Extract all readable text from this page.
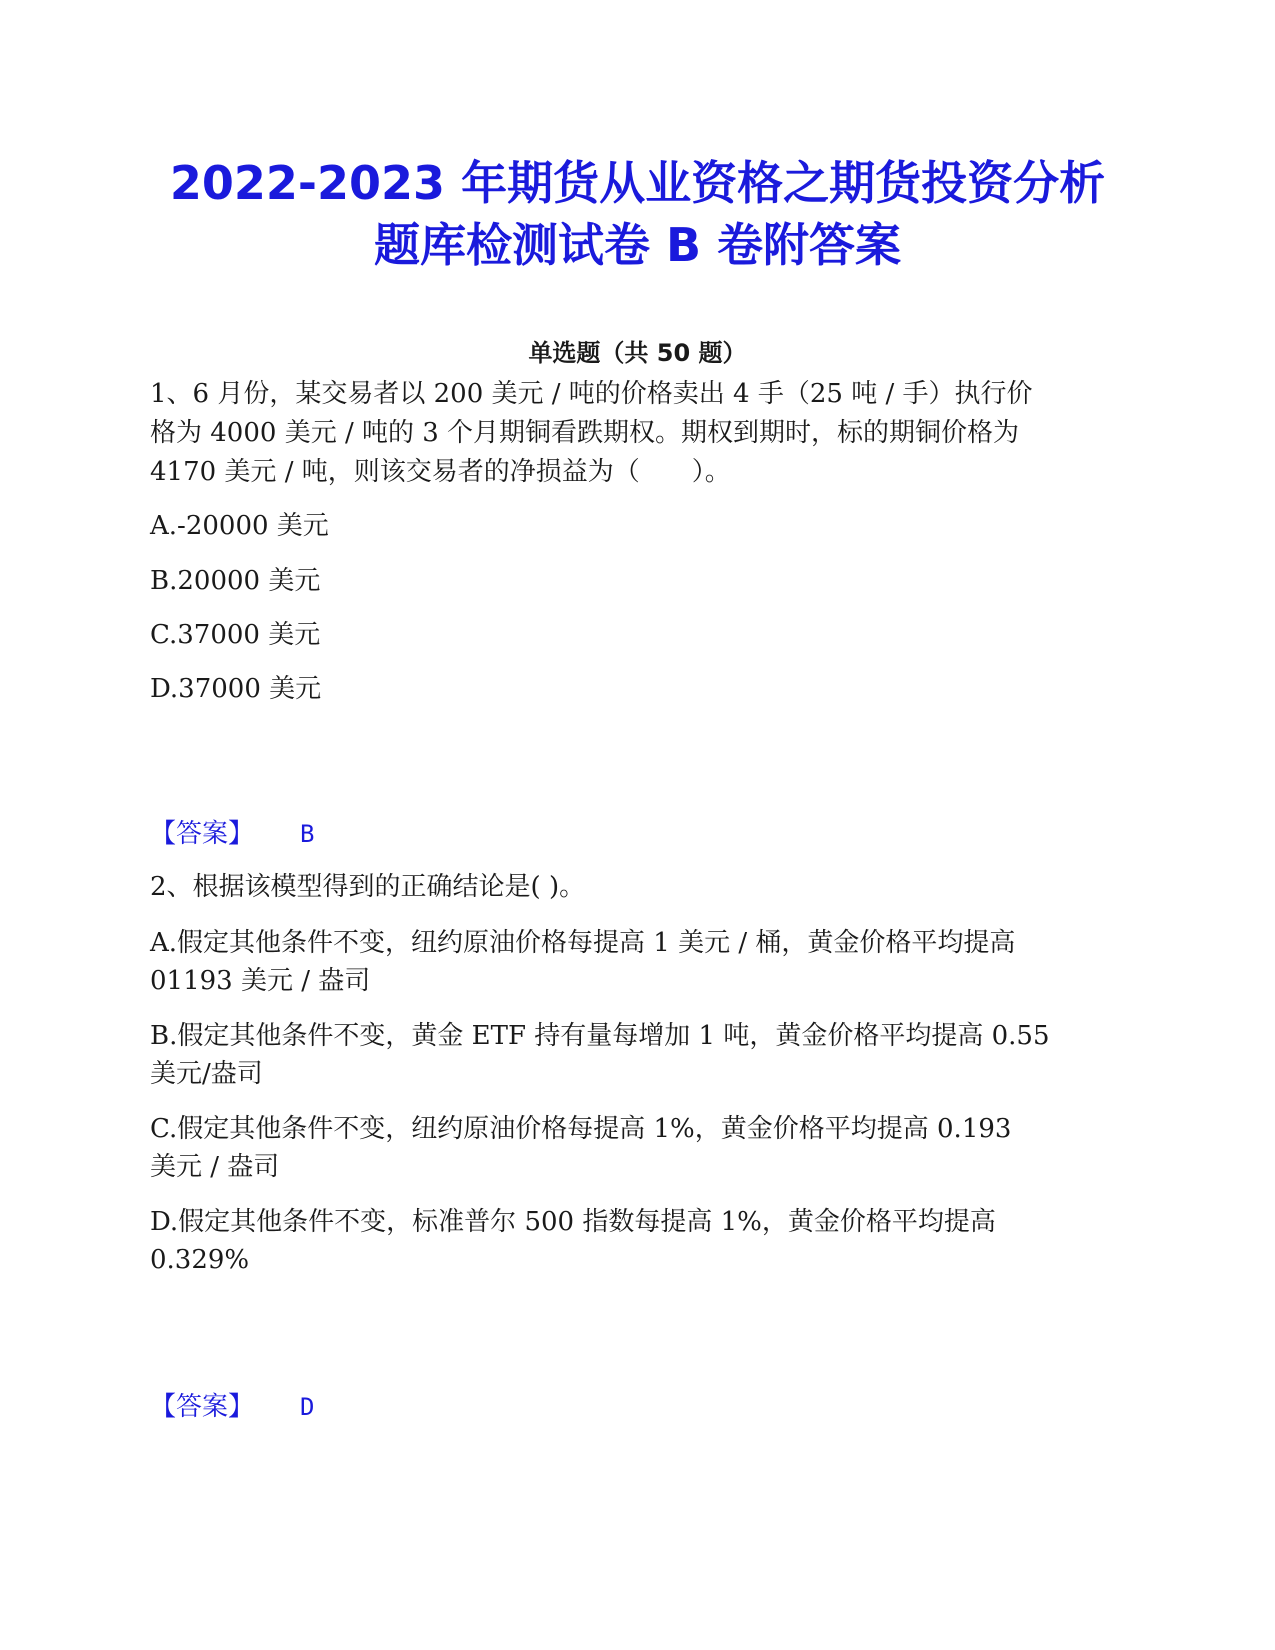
2022-2023 年期货从业资格之期货投资分析
题库检测试卷 B 卷附答案
单选题（共 50 题）
1、6 月份，某交易者以 200 美元 / 吨的价格卖出 4 手（25 吨 / 手）执行价
格为 4000 美元 / 吨的 3 个月期铜看跌期权。期权到期时，标的期铜价格为
4170 美元 / 吨，则该交易者的净损益为（　　）。
A.-20000 美元
B.20000 美元
C.37000 美元
D.37000 美元
【答案】 B
2、根据该模型得到的正确结论是( )。
A.假定其他条件不变，纽约原油价格每提高 1 美元 / 桶，黄金价格平均提高
01193 美元 / 盎司
B.假定其他条件不变，黄金 ETF 持有量每增加 1 吨，黄金价格平均提高 0.55
美元/盎司
C.假定其他条件不变，纽约原油价格每提高 1%，黄金价格平均提高 0.193
美元 / 盎司
D.假定其他条件不变，标准普尔 500 指数每提高 1%，黄金价格平均提高
0.329%
【答案】 D
